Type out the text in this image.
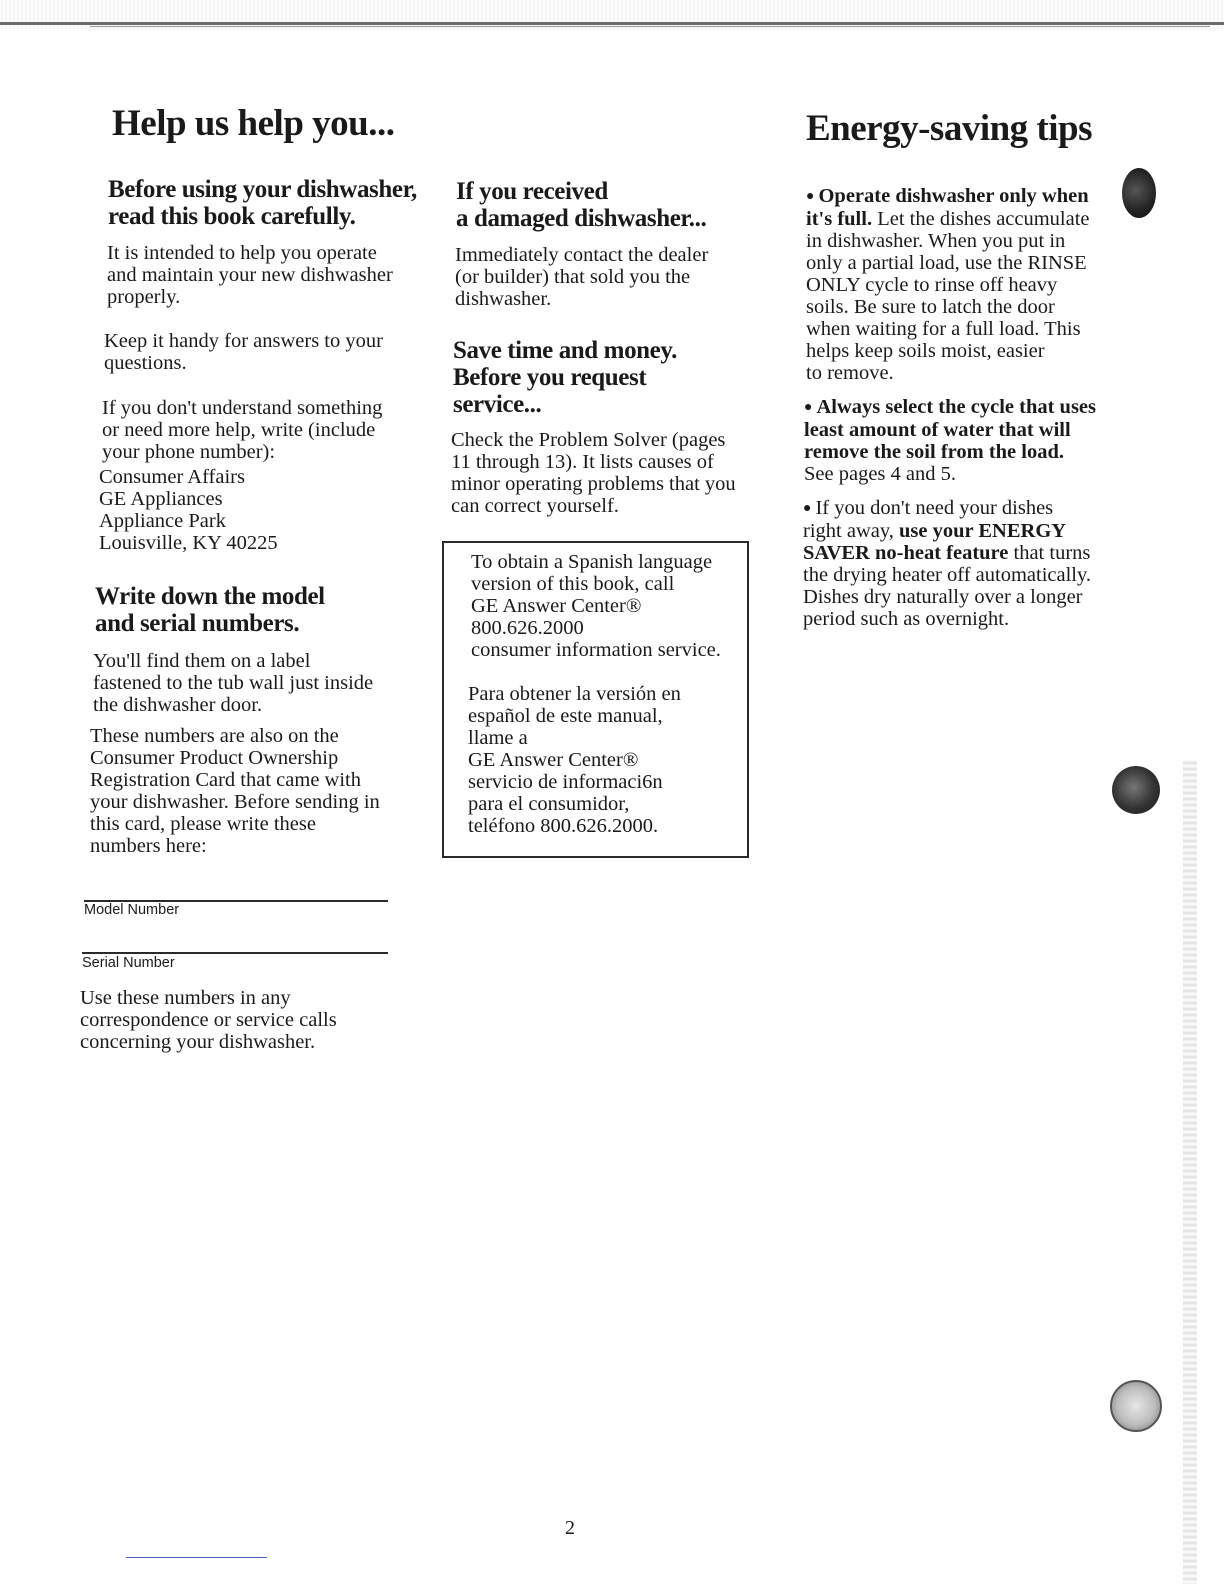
Help us help you...	Energy-saving tips
Before using your dishwasher,
read this book carefully.
It is intended to help you operate
and maintain your new dishwasher
properly.
Keep it handy for answers to your
questions.
If you don't understand something
or need more help, write (include
your phone number):
Consumer Affairs
GE Appliances
Appliance Park
Louisville, KY 40225
Write down the model
and serial numbers.
You'll find them on a label
fastened to the tub wall just inside
the dishwasher door.
These numbers are also on the
Consumer Product Ownership
Registration Card that came with
your dishwasher. Before sending in
this card, please write these
numbers here:
Model Number
Serial Number
Use these numbers in any
correspondence or service calls
concerning your dishwasher.
If you received
a damaged dishwasher...
Immediately contact the dealer
(or builder) that sold you the
dishwasher.
Save time and money.
Before you request
service...
Check the Problem Solver (pages
11 through 13). It lists causes of
minor operating problems that you
can correct yourself.
To obtain a Spanish language
version of this book, call
GE Answer Center®
800.626.2000
consumer information service.
Para obtener la versión en
español de este manual,
llame a
GE Answer Center®
servicio de informaci6n
para el consumidor,
teléfono 800.626.2000.
● Operate dishwasher only when
it's full. Let the dishes accumulate
in dishwasher. When you put in
only a partial load, use the RINSE
ONLY cycle to rinse off heavy
soils. Be sure to latch the door
when waiting for a full load. This
helps keep soils moist, easier
to remove.
● Always select the cycle that uses
least amount of water that will
remove the soil from the load.
See pages 4 and 5.
● If you don't need your dishes
right away, use your ENERGY
SAVER no-heat feature that turns
the drying heater off automatically.
Dishes dry naturally over a longer
period such as overnight.
2
